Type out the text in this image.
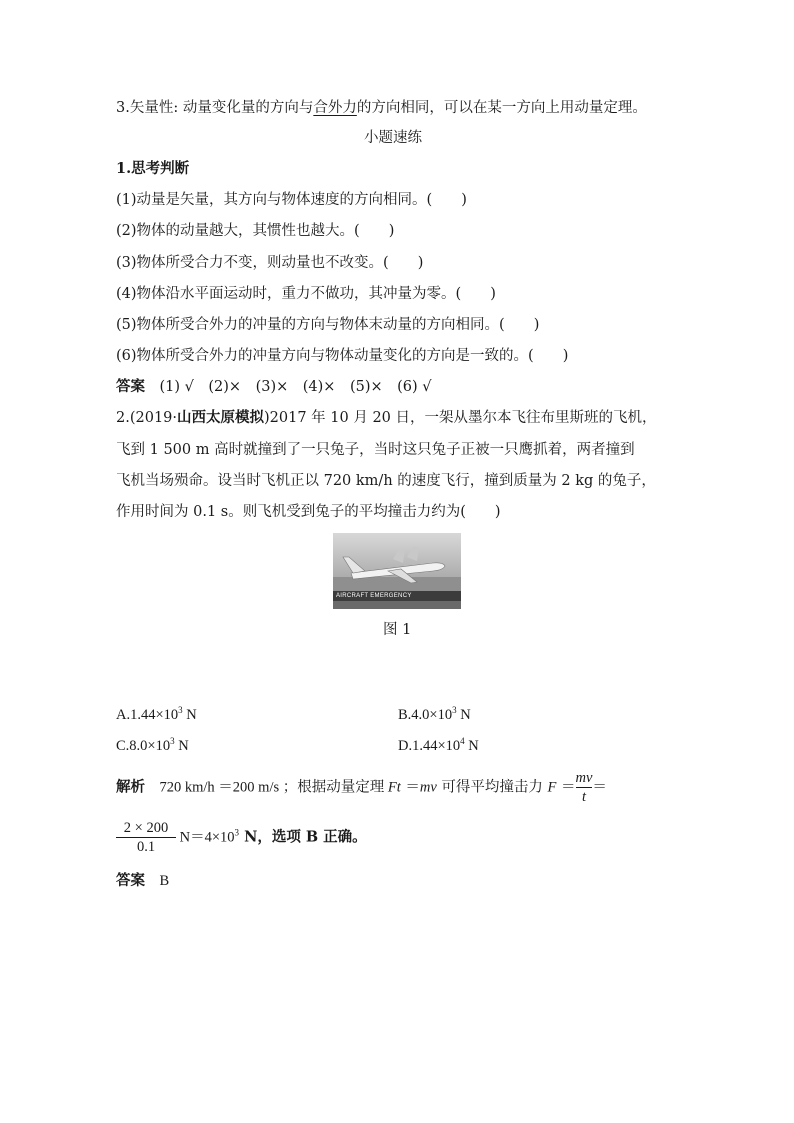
3.矢量性: 动量变化量的方向与合外力的方向相同，可以在某一方向上用动量定理。
小题速练
1.思考判断
(1)动量是矢量，其方向与物体速度的方向相同。(　　)
(2)物体的动量越大，其惯性也越大。(　　)
(3)物体所受合力不变，则动量也不改变。(　　)
(4)物体沿水平面运动时，重力不做功，其冲量为零。(　　)
(5)物体所受合外力的冲量的方向与物体末动量的方向相同。(　　)
(6)物体所受合外力的冲量方向与物体动量变化的方向是一致的。(　　)
答案　 (1) √　(2)×　(3)×　(4)×　(5)×　(6) √
2.(2019·山西太原模拟)2017 年 10 月 20 日，一架从墨尔本飞往布里斯班的飞机，
飞到 1 500 m 高时就撞到了一只兔子，当时这只兔子正被一只鹰抓着，两者撞到
飞机当场殒命。设当时飞机正以 720 km/h 的速度飞行，撞到质量为 2 kg 的兔子，
作用时间为 0.1 s。则飞机受到兔子的平均撞击力约为(　　)
AIRCRAFT EMERGENCY
图 1
$A.1.44\times 10^3$ N	$B.4.0\times 10^3$ N
$C.8.0\times 10^3$ N	$D.1.44\times 10^4$ N
解析　 720 km/h ＝200 m/s ；根据动量定理 Ft ＝mv 可得平均撞击力 $F = \frac{mv}{t}$ ＝
$\frac{2 \times 200}{0.1} N=4\times 10^3$ N，选项 B 正确。
答案　 B
